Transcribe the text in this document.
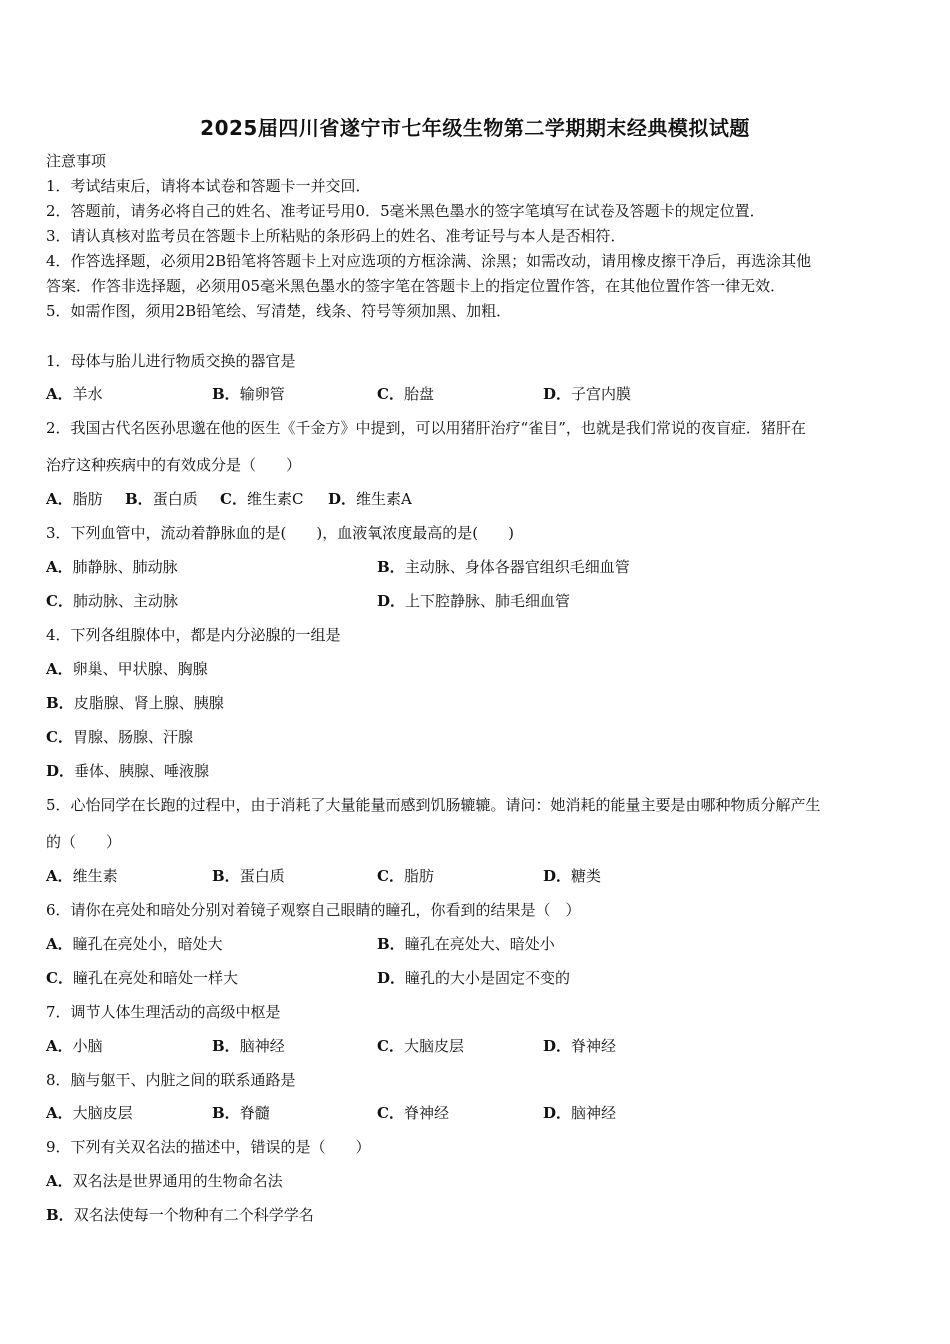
2025届四川省遂宁市七年级生物第二学期期末经典模拟试题
注意事项
1．考试结束后，请将本试卷和答题卡一并交回．
2．答题前，请务必将自己的姓名、准考证号用0．5毫米黑色墨水的签字笔填写在试卷及答题卡的规定位置．
3．请认真核对监考员在答题卡上所粘贴的条形码上的姓名、准考证号与本人是否相符．
4．作答选择题，必须用2B铅笔将答题卡上对应选项的方框涂满、涂黑；如需改动，请用橡皮擦干净后，再选涂其他
答案．作答非选择题，必须用05毫米黑色墨水的签字笔在答题卡上的指定位置作答，在其他位置作答一律无效．
5．如需作图，须用2B铅笔绘、写清楚，线条、符号等须加黑、加粗．
1．母体与胎儿进行物质交换的器官是
A．羊水	B．输卵管	C．胎盘	D．子宫内膜
2．我国古代名医孙思邈在他的医生《千金方》中提到，可以用猪肝治疗“雀目”，也就是我们常说的夜盲症．猪肝在
治疗这种疾病中的有效成分是（　　）
A．脂肪 B．蛋白质 C．维生素C D．维生素A
3．下列血管中，流动着静脉血的是(　　)，血液氧浓度最高的是(　　)
A．肺静脉、肺动脉	B．主动脉、身体各器官组织毛细血管
C．肺动脉、主动脉	D．上下腔静脉、肺毛细血管
4．下列各组腺体中，都是内分泌腺的一组是
A．卵巢、甲状腺、胸腺
B．皮脂腺、肾上腺、胰腺
C．胃腺、肠腺、汗腺
D．垂体、胰腺、唾液腺
5．心怡同学在长跑的过程中，由于消耗了大量能量而感到饥肠辘辘。请问：她消耗的能量主要是由哪种物质分解产生
的（　　）
A．维生素	B．蛋白质	C．脂肪	D．糖类
6．请你在亮处和暗处分别对着镜子观察自己眼睛的瞳孔，你看到的结果是（　）
A．瞳孔在亮处小，暗处大	B．瞳孔在亮处大、暗处小
C．瞳孔在亮处和暗处一样大	D．瞳孔的大小是固定不变的
7．调节人体生理活动的高级中枢是
A．小脑	B．脑神经	C．大脑皮层	D．脊神经
8．脑与躯干、内脏之间的联系通路是
A．大脑皮层	B．脊髓	C．脊神经	D．脑神经
9．下列有关双名法的描述中，错误的是（　　）
A．双名法是世界通用的生物命名法
B．双名法使每一个物种有二个科学学名
